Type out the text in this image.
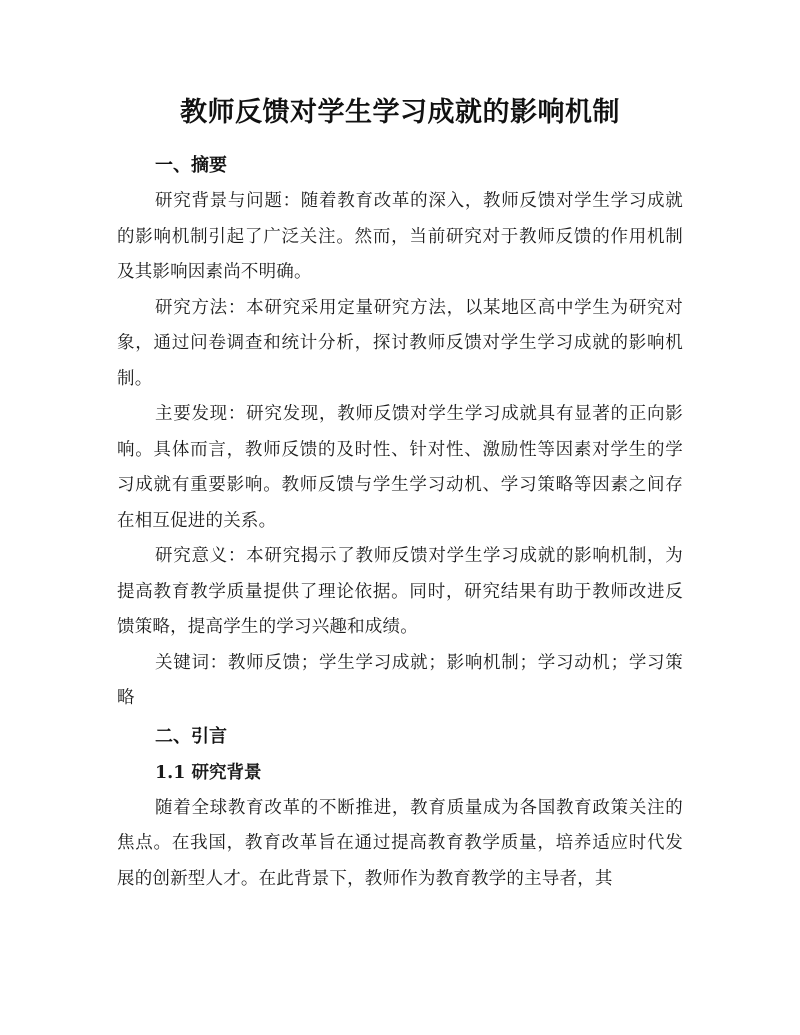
教师反馈对学生学习成就的影响机制
一、摘要

研究背景与问题：随着教育改革的深入，教师反馈对学生学习成就的影响机制引起了广泛关注。然而，当前研究对于教师反馈的作用机制及其影响因素尚不明确。

研究方法：本研究采用定量研究方法，以某地区高中学生为研究对象，通过问卷调查和统计分析，探讨教师反馈对学生学习成就的影响机制。

主要发现：研究发现，教师反馈对学生学习成就具有显著的正向影响。具体而言，教师反馈的及时性、针对性、激励性等因素对学生的学习成就有重要影响。教师反馈与学生学习动机、学习策略等因素之间存在相互促进的关系。

研究意义：本研究揭示了教师反馈对学生学习成就的影响机制，为提高教育教学质量提供了理论依据。同时，研究结果有助于教师改进反馈策略，提高学生的学习兴趣和成绩。

关键词：教师反馈；学生学习成就；影响机制；学习动机；学习策略

二、引言
1.1 研究背景

随着全球教育改革的不断推进，教育质量成为各国教育政策关注的焦点。在我国，教育改革旨在通过提高教育教学质量，培养适应时代发展的创新型人才。在此背景下，教师作为教育教学的主导者，其
